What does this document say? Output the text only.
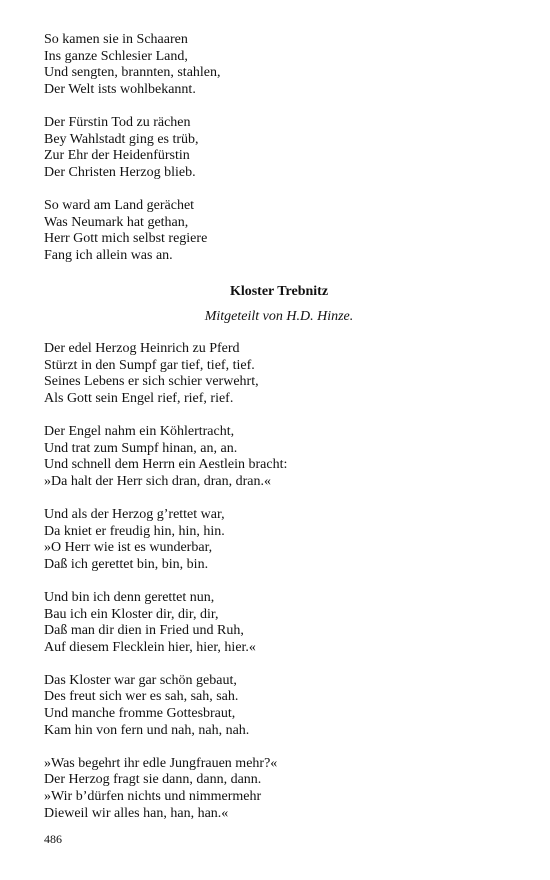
So kamen sie in Schaaren
Ins ganze Schlesier Land,
Und sengten, brannten, stahlen,
Der Welt ists wohlbekannt.
Der Fürstin Tod zu rächen
Bey Wahlstadt ging es trüb,
Zur Ehr der Heidenfürstin
Der Christen Herzog blieb.
So ward am Land gerächet
Was Neumark hat gethan,
Herr Gott mich selbst regiere
Fang ich allein was an.
Kloster Trebnitz
Mitgeteilt von H.D. Hinze.
Der edel Herzog Heinrich zu Pferd
Stürzt in den Sumpf gar tief, tief, tief.
Seines Lebens er sich schier verwehrt,
Als Gott sein Engel rief, rief, rief.
Der Engel nahm ein Köhlertracht,
Und trat zum Sumpf hinan, an, an.
Und schnell dem Herrn ein Aestlein bracht:
»Da halt der Herr sich dran, dran, dran.«
Und als der Herzog g’rettet war,
Da kniet er freudig hin, hin, hin.
»O Herr wie ist es wunderbar,
Daß ich gerettet bin, bin, bin.
Und bin ich denn gerettet nun,
Bau ich ein Kloster dir, dir, dir,
Daß man dir dien in Fried und Ruh,
Auf diesem Flecklein hier, hier, hier.«
Das Kloster war gar schön gebaut,
Des freut sich wer es sah, sah, sah.
Und manche fromme Gottesbraut,
Kam hin von fern und nah, nah, nah.
»Was begehrt ihr edle Jungfrauen mehr?«
Der Herzog fragt sie dann, dann, dann.
»Wir b’dürfen nichts und nimmermehr
Dieweil wir alles han, han, han.«
486
